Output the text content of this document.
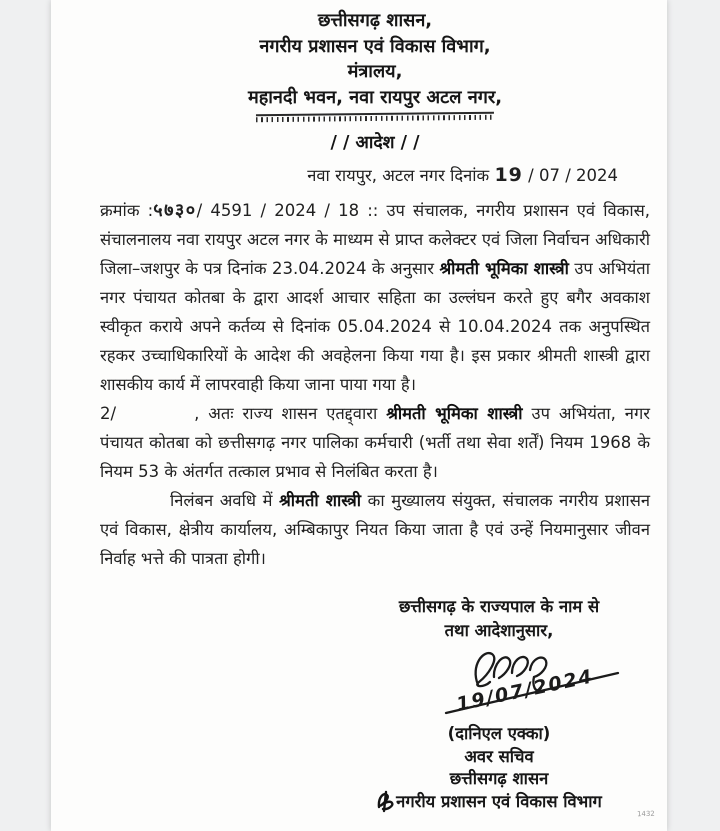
छत्तीसगढ़ शासन,
नगरीय प्रशासन एवं विकास विभाग,
मंत्रालय,
महानदी भवन, नवा रायपुर अटल नगर,
/ / आदेश / /
नवा रायपुर, अटल नगर दिनांक 19 / 07 / 2024

क्रमांक :५७३०/ 4591 / 2024 / 18 :: उप संचालक, नगरीय प्रशासन एवं विकास, संचालनालय नवा रायपुर अटल नगर के माध्यम से प्राप्त कलेक्टर एवं जिला निर्वाचन अधिकारी जिला–जशपुर के पत्र दिनांक 23.04.2024 के अनुसार श्रीमती भूमिका शास्त्री उप अभियंता नगर पंचायत कोतबा के द्वारा आदर्श आचार सहिता का उल्लंघन करते हुए बगैर अवकाश स्वीकृत कराये अपने कर्तव्य से दिनांक 05.04.2024 से 10.04.2024 तक अनुपस्थित रहकर उच्चाधिकारियों के आदेश की अवहेलना किया गया है। इस प्रकार श्रीमती शास्त्री द्वारा शासकीय कार्य में लापरवाही किया जाना पाया गया है।

2/	, अतः राज्य शासन एतद्द्वारा श्रीमती भूमिका शास्त्री उप अभियंता, नगर पंचायत कोतबा को छत्तीसगढ़ नगर पालिका कर्मचारी (भर्ती तथा सेवा शर्तें) नियम 1968 के नियम 53 के अंतर्गत तत्काल प्रभाव से निलंबित करता है।

निलंबन अवधि में श्रीमती शास्त्री का मुख्यालय संयुक्त, संचालक नगरीय प्रशासन एवं विकास, क्षेत्रीय कार्यालय, अम्बिकापुर नियत किया जाता है एवं उन्हें नियमानुसार जीवन निर्वाह भत्ते की पात्रता होगी।

छत्तीसगढ़ के राज्यपाल के नाम से
तथा आदेशानुसार,
19/07/2024
(दानिएल एक्का)
अवर सचिव
छत्तीसगढ़ शासन
नगरीय प्रशासन एवं विकास विभाग
1432
